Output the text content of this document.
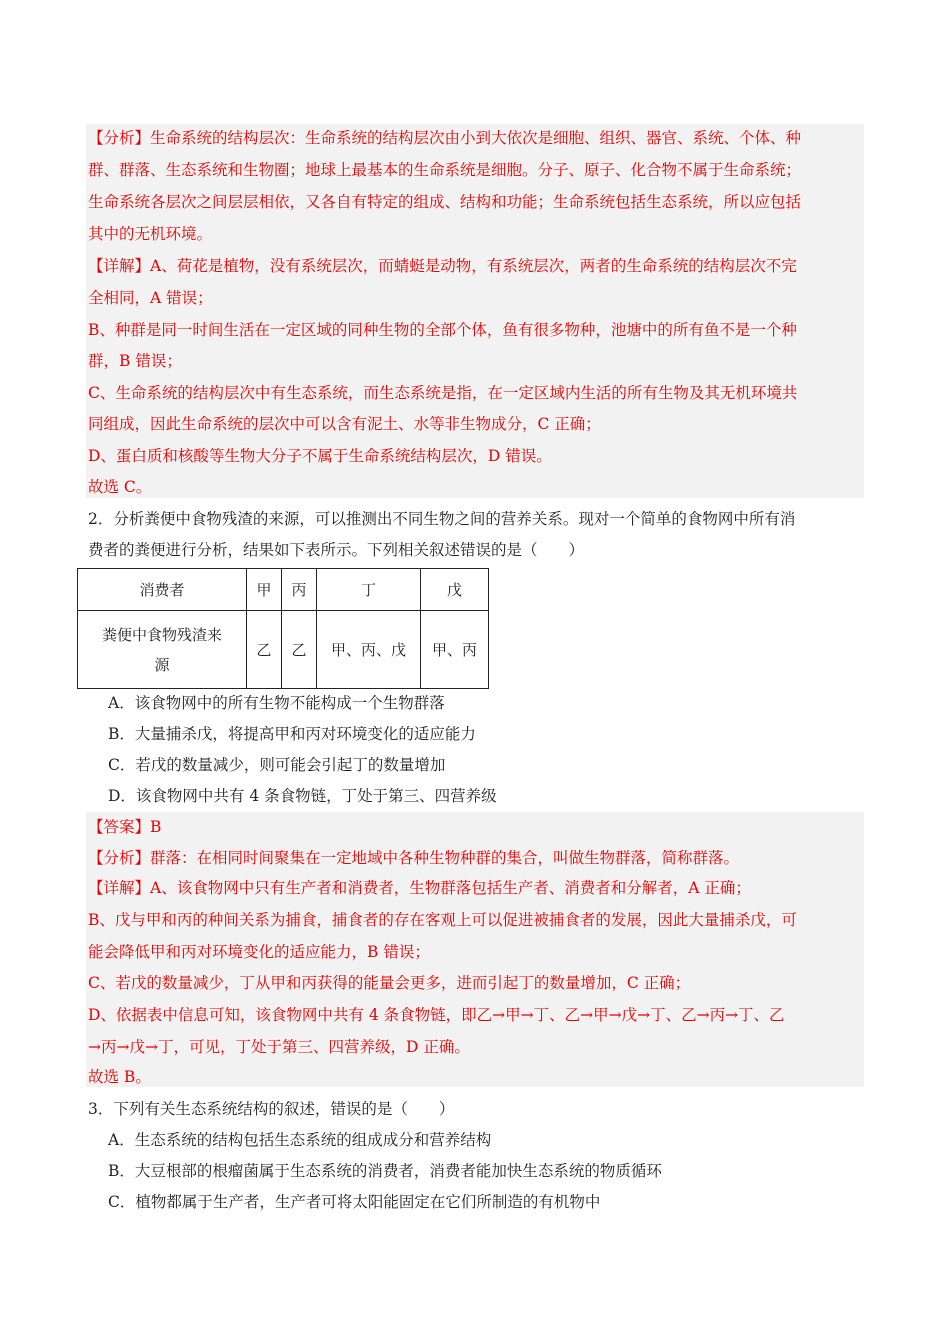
【分析】生命系统的结构层次：生命系统的结构层次由小到大依次是细胞、组织、器官、系统、个体、种
群、群落、生态系统和生物圈；地球上最基本的生命系统是细胞。分子、原子、化合物不属于生命系统；
生命系统各层次之间层层相依，又各自有特定的组成、结构和功能；生命系统包括生态系统，所以应包括
其中的无机环境。
【详解】A、荷花是植物，没有系统层次，而蜻蜓是动物，有系统层次，两者的生命系统的结构层次不完
全相同，A 错误；
B、种群是同一时间生活在一定区域的同种生物的全部个体，鱼有很多物种，池塘中的所有鱼不是一个种
群，B 错误；
C、生命系统的结构层次中有生态系统，而生态系统是指，在一定区域内生活的所有生物及其无机环境共
同组成，因此生命系统的层次中可以含有泥土、水等非生物成分，C 正确；
D、蛋白质和核酸等生物大分子不属于生命系统结构层次，D 错误。
故选 C。
2．分析粪便中食物残渣的来源，可以推测出不同生物之间的营养关系。现对一个简单的食物网中所有消
费者的粪便进行分析，结果如下表所示。下列相关叙述错误的是（　　）
消费者	甲	丙	丁	戊
粪便中食物残渣来
源	乙	乙	甲、丙、戊	甲、丙
A．该食物网中的所有生物不能构成一个生物群落
B．大量捕杀戊，将提高甲和丙对环境变化的适应能力
C．若戊的数量减少，则可能会引起丁的数量增加
D．该食物网中共有 4 条食物链，丁处于第三、四营养级
【答案】B
【分析】群落：在相同时间聚集在一定地域中各种生物种群的集合，叫做生物群落，简称群落。
【详解】A、该食物网中只有生产者和消费者，生物群落包括生产者、消费者和分解者，A 正确；
B、戊与甲和丙的种间关系为捕食，捕食者的存在客观上可以促进被捕食者的发展，因此大量捕杀戊，可
能会降低甲和丙对环境变化的适应能力，B 错误；
C、若戊的数量减少，丁从甲和丙获得的能量会更多，进而引起丁的数量增加，C 正确；
D、依据表中信息可知，该食物网中共有 4 条食物链，即乙→甲→丁、乙→甲→戊→丁、乙→丙→丁、乙
→丙→戊→丁，可见，丁处于第三、四营养级，D 正确。
故选 B。
3．下列有关生态系统结构的叙述，错误的是（　　）
A．生态系统的结构包括生态系统的组成成分和营养结构
B．大豆根部的根瘤菌属于生态系统的消费者，消费者能加快生态系统的物质循环
C．植物都属于生产者，生产者可将太阳能固定在它们所制造的有机物中
